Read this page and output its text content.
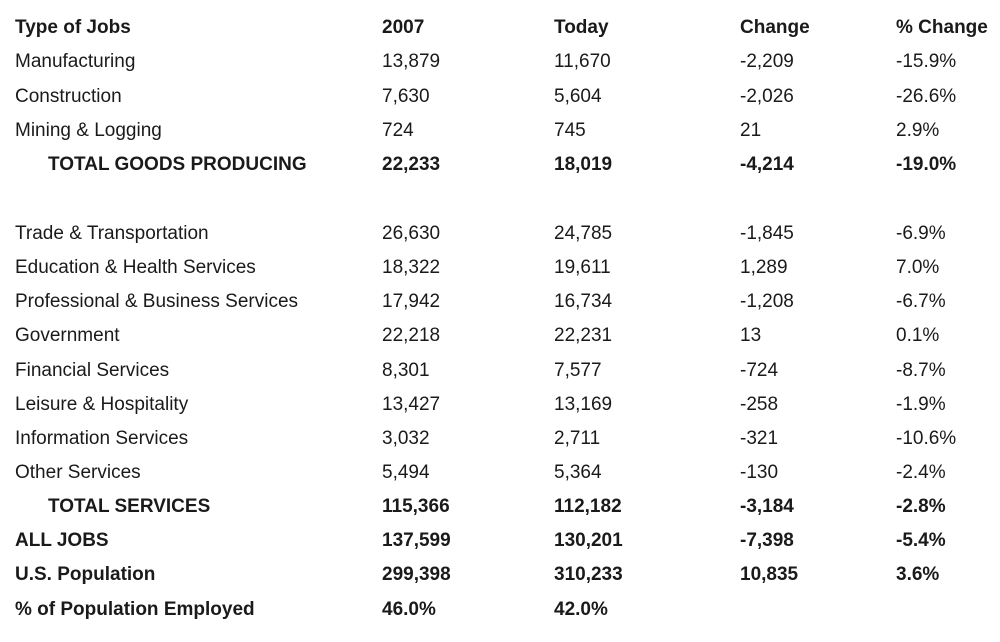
Type of Jobs	2007	Today	Change	% Change
Manufacturing	13,879	11,670	-2,209	-15.9%
Construction	7,630	5,604	-2,026	-26.6%
Mining & Logging	724	745	21	2.9%
TOTAL GOODS PRODUCING	22,233	18,019	-4,214	-19.0%
Trade & Transportation	26,630	24,785	-1,845	-6.9%
Education & Health Services	18,322	19,611	1,289	7.0%
Professional & Business Services	17,942	16,734	-1,208	-6.7%
Government	22,218	22,231	13	0.1%
Financial Services	8,301	7,577	-724	-8.7%
Leisure & Hospitality	13,427	13,169	-258	-1.9%
Information Services	3,032	2,711	-321	-10.6%
Other Services	5,494	5,364	-130	-2.4%
TOTAL SERVICES	115,366	112,182	-3,184	-2.8%
ALL JOBS	137,599	130,201	-7,398	-5.4%
U.S. Population	299,398	310,233	10,835	3.6%
% of Population Employed	46.0%	42.0%
